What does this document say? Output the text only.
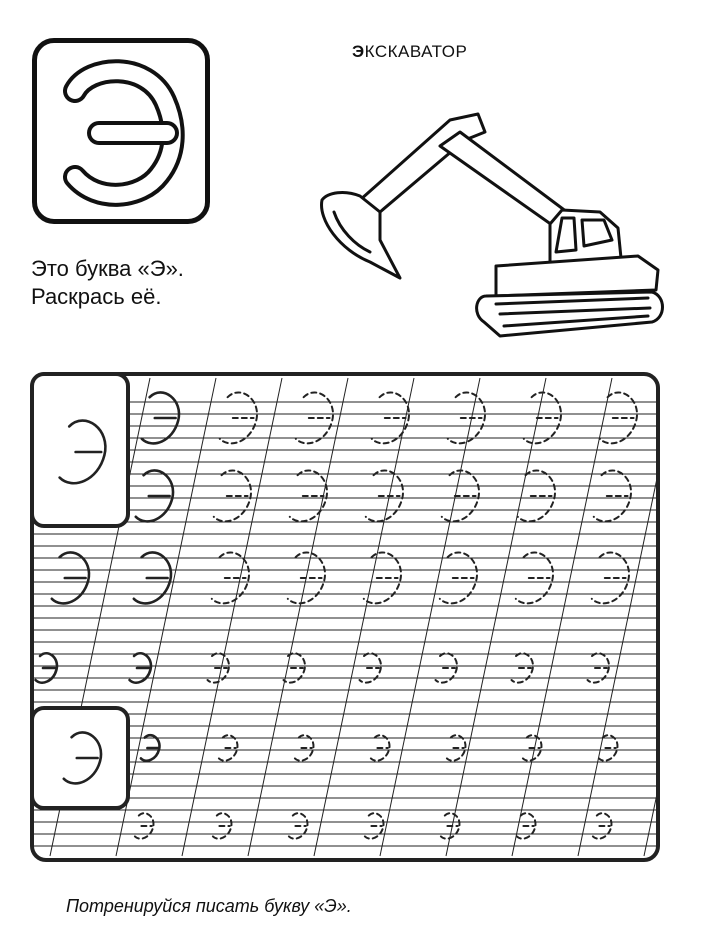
ЭКСКАВАТОР
Это буква «Э».
Раскрась её.
Потренируйся писать букву «Э».
